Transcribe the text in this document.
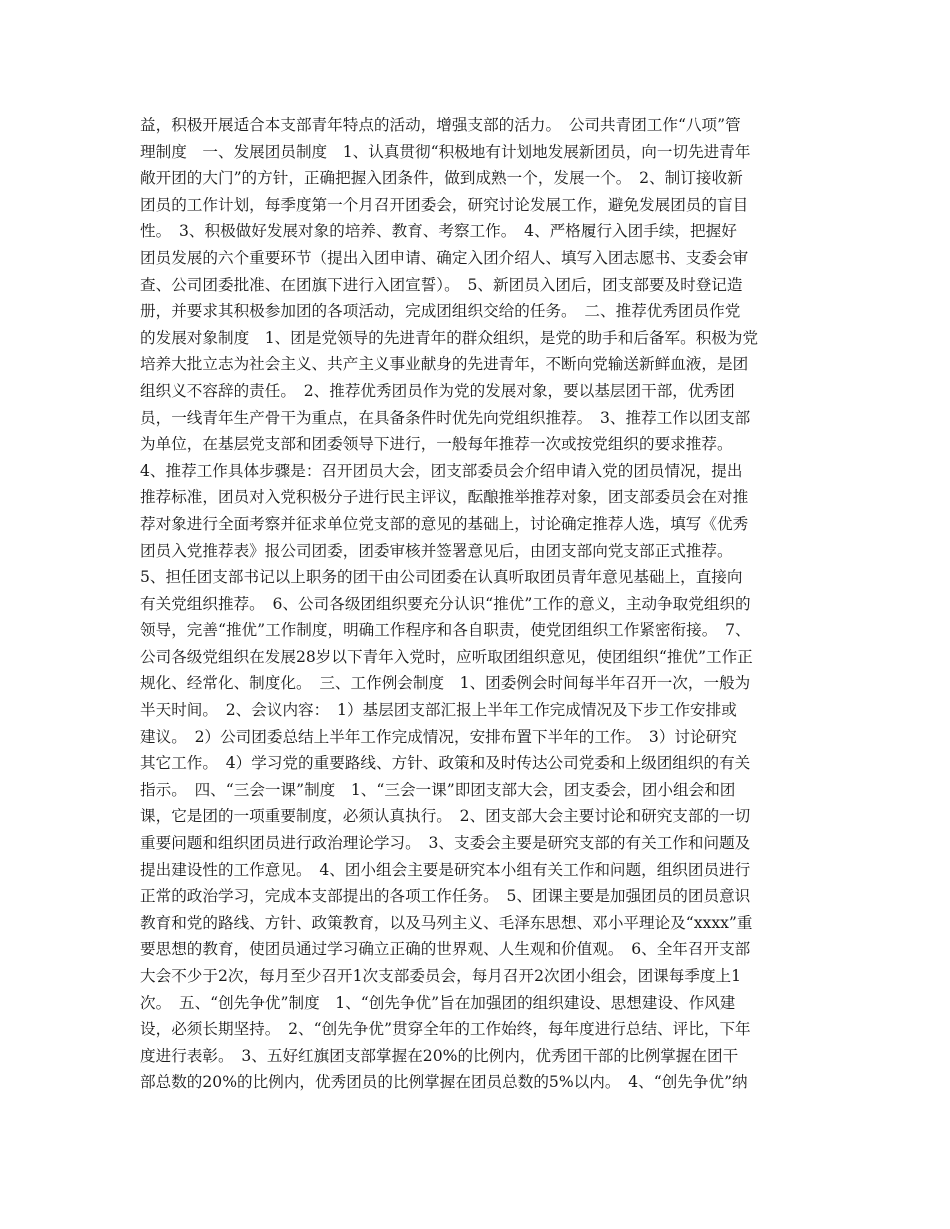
益，积极开展适合本支部青年特点的活动，增强支部的活力。　公司共青团工作“八项”管
理制度　一、发展团员制度　1、认真贯彻“积极地有计划地发展新团员，向一切先进青年
敞开团的大门”的方针，正确把握入团条件，做到成熟一个，发展一个。　2、制订接收新
团员的工作计划，每季度第一个月召开团委会，研究讨论发展工作，避免发展团员的盲目
性。　3、积极做好发展对象的培养、教育、考察工作。　4、严格履行入团手续，把握好
团员发展的六个重要环节（提出入团申请、确定入团介绍人、填写入团志愿书、支委会审
查、公司团委批准、在团旗下进行入团宣誓）。　5、新团员入团后，团支部要及时登记造
册，并要求其积极参加团的各项活动，完成团组织交给的任务。　二、推荐优秀团员作党
的发展对象制度　1、团是党领导的先进青年的群众组织，是党的助手和后备军。积极为党
培养大批立志为社会主义、共产主义事业献身的先进青年，不断向党输送新鲜血液，是团
组织义不容辞的责任。　2、推荐优秀团员作为党的发展对象，要以基层团干部，优秀团
员，一线青年生产骨干为重点，在具备条件时优先向党组织推荐。　3、推荐工作以团支部
为单位，在基层党支部和团委领导下进行，一般每年推荐一次或按党组织的要求推荐。
4、推荐工作具体步骤是：召开团员大会，团支部委员会介绍申请入党的团员情况，提出
推荐标准，团员对入党积极分子进行民主评议，酝酿推举推荐对象，团支部委员会在对推
荐对象进行全面考察并征求单位党支部的意见的基础上，讨论确定推荐人选，填写《优秀
团员入党推荐表》报公司团委，团委审核并签署意见后，由团支部向党支部正式推荐。
5、担任团支部书记以上职务的团干由公司团委在认真听取团员青年意见基础上，直接向
有关党组织推荐。　6、公司各级团组织要充分认识“推优”工作的意义，主动争取党组织的
领导，完善“推优”工作制度，明确工作程序和各自职责，使党团组织工作紧密衔接。　7、
公司各级党组织在发展28岁以下青年入党时，应听取团组织意见，使团组织“推优”工作正
规化、经常化、制度化。　三、工作例会制度　1、团委例会时间每半年召开一次，一般为
半天时间。　2、会议内容：　1）基层团支部汇报上半年工作完成情况及下步工作安排或
建议。　2）公司团委总结上半年工作完成情况，安排布置下半年的工作。　3）讨论研究
其它工作。　4）学习党的重要路线、方针、政策和及时传达公司党委和上级团组织的有关
指示。　四、“三会一课”制度　1、“三会一课”即团支部大会，团支委会，团小组会和团
课，它是团的一项重要制度，必须认真执行。　2、团支部大会主要讨论和研究支部的一切
重要问题和组织团员进行政治理论学习。　3、支委会主要是研究支部的有关工作和问题及
提出建设性的工作意见。　4、团小组会主要是研究本小组有关工作和问题，组织团员进行
正常的政治学习，完成本支部提出的各项工作任务。　5、团课主要是加强团员的团员意识
教育和党的路线、方针、政策教育，以及马列主义、毛泽东思想、邓小平理论及“xxxx”重
要思想的教育，使团员通过学习确立正确的世界观、人生观和价值观。　6、全年召开支部
大会不少于2次，每月至少召开1次支部委员会，每月召开2次团小组会，团课每季度上1
次。　五、“创先争优”制度　1、“创先争优”旨在加强团的组织建设、思想建设、作风建
设，必须长期坚持。　2、“创先争优”贯穿全年的工作始终，每年度进行总结、评比，下年
度进行表彰。　3、五好红旗团支部掌握在20%的比例内，优秀团干部的比例掌握在团干
部总数的20%的比例内，优秀团员的比例掌握在团员总数的5%以内。　4、“创先争优”纳
